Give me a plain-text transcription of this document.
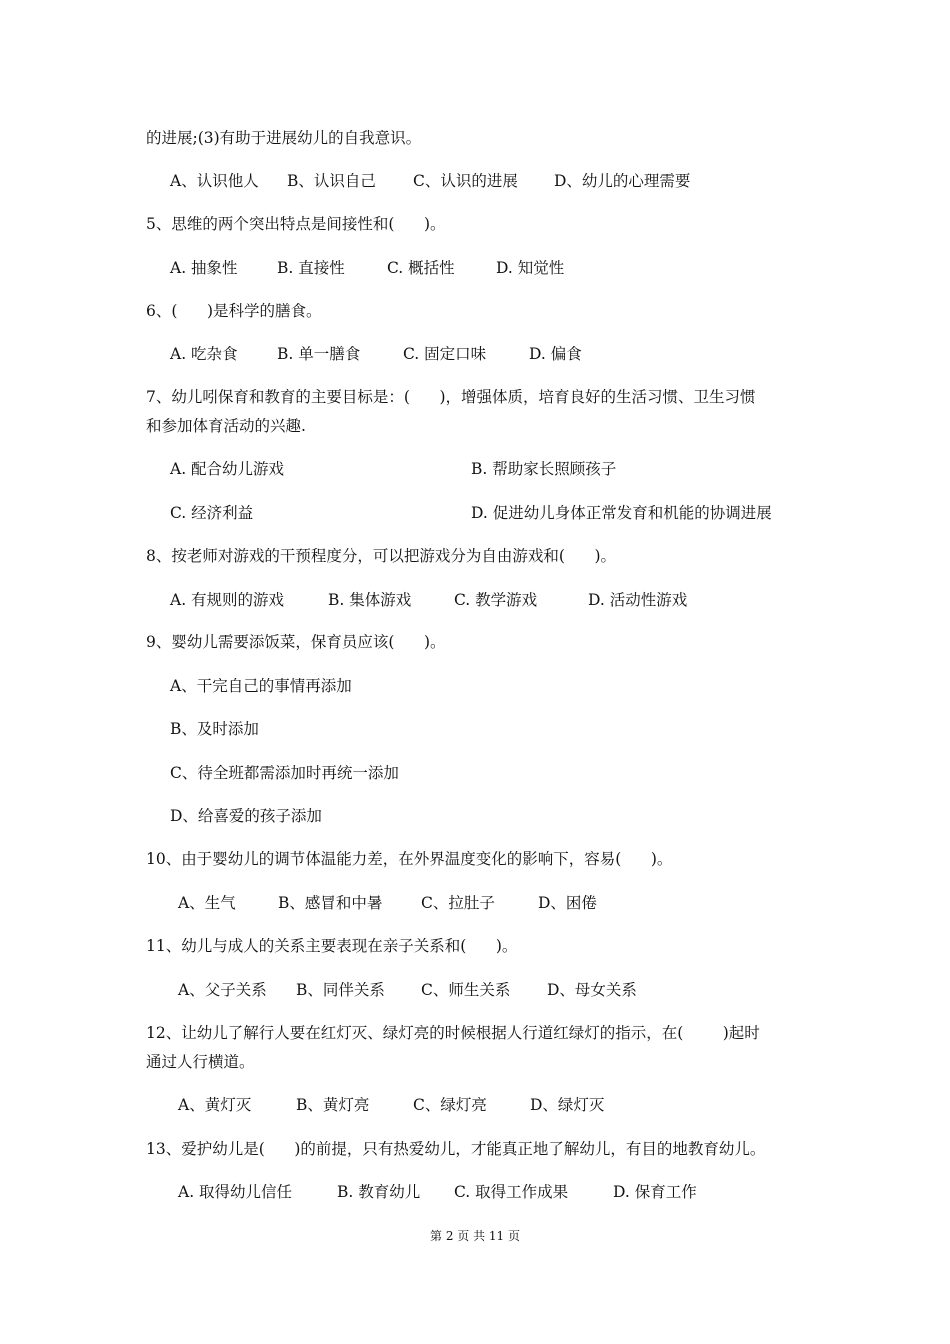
的进展;(3)有助于进展幼儿的自我意识。
A、认识他人 B、认识自己 C、认识的进展 D、幼儿的心理需要
5、思维的两个突出特点是间接性和(      )。
A. 抽象性	B. 直接性	C. 概括性	D. 知觉性
6、(      )是科学的膳食。
A. 吃杂食	B. 单一膳食	C. 固定口味	D. 偏食
7、幼儿吲保育和教育的主要目标是：(      )，增强体质，培育良好的生活习惯、卫生习惯
和参加体育活动的兴趣.
A. 配合幼儿游戏	B. 帮助家长照顾孩子
C. 经济利益	D. 促进幼儿身体正常发育和机能的协调进展
8、按老师对游戏的干预程度分，可以把游戏分为自由游戏和(      )。
A. 有规则的游戏	B. 集体游戏	C. 教学游戏	D. 活动性游戏
9、婴幼儿需要添饭菜，保育员应该(      )。
A、干完自己的事情再添加
B、及时添加
C、待全班都需添加时再统一添加
D、给喜爱的孩子添加
10、由于婴幼儿的调节体温能力差，在外界温度变化的影响下，容易(      )。
A、生气	B、感冒和中暑 C、拉肚子	D、困倦
11、幼儿与成人的关系主要表现在亲子关系和(      )。
A、父子关系 B、同伴关系 C、师生关系 D、母女关系
12、让幼儿了解行人要在红灯灭、绿灯亮的时候根据人行道红绿灯的指示，在(        )起时
通过人行横道。
A、黄灯灭	B、黄灯亮	C、绿灯亮	D、绿灯灭
13、爱护幼儿是(      )的前提，只有热爱幼儿，才能真正地了解幼儿，有目的地教育幼儿。
A. 取得幼儿信任	B. 教育幼儿 C. 取得工作成果	D. 保育工作
第 2 页 共 11 页
